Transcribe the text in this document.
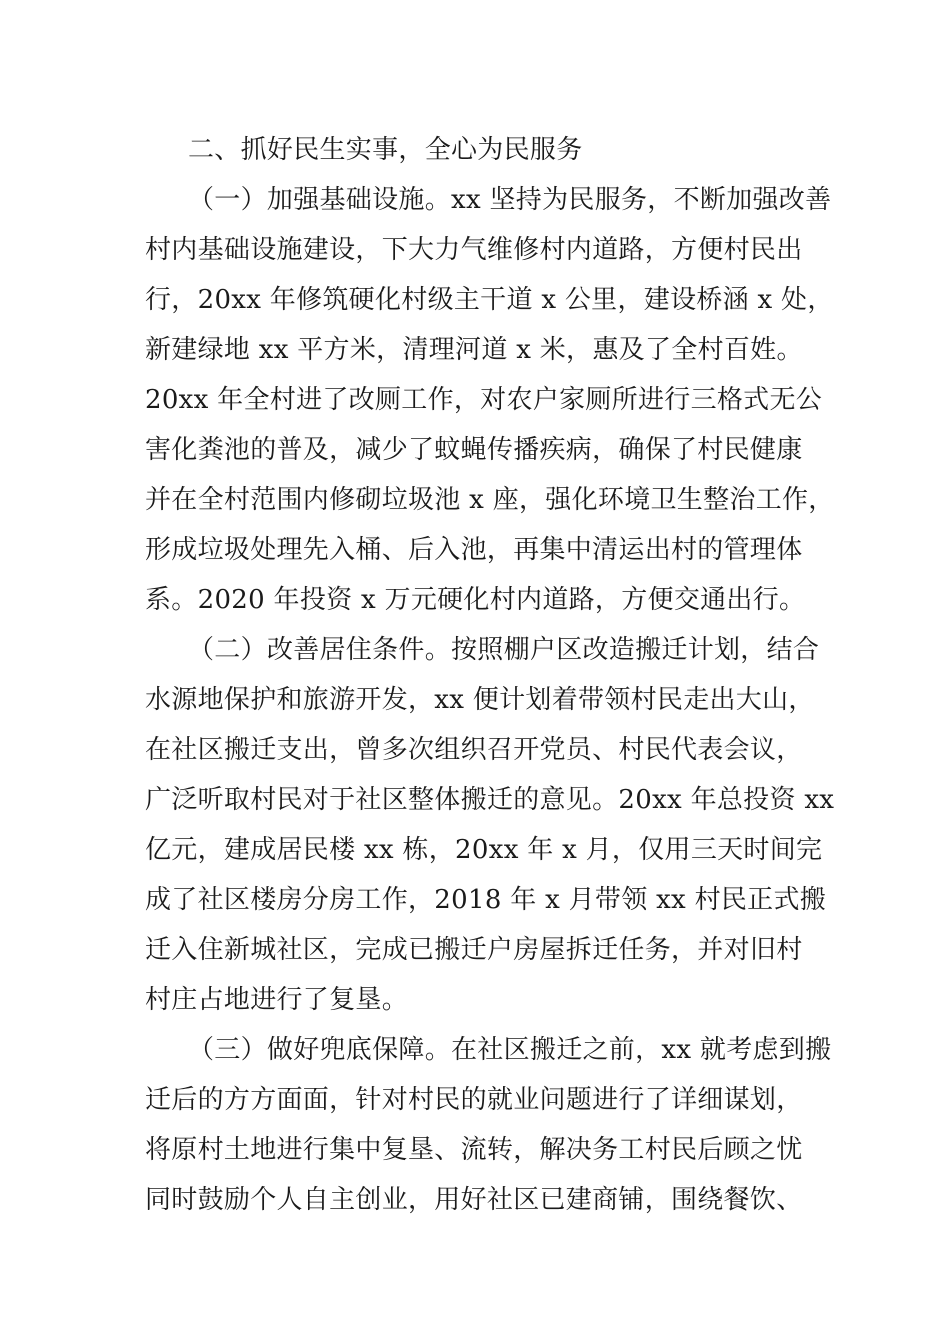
二、抓好民生实事，全心为民服务
（一）加强基础设施。xx 坚持为民服务，不断加强改善
村内基础设施建设，下大力气维修村内道路，方便村民出
行，20xx 年修筑硬化村级主干道 x 公里，建设桥涵 x 处，
新建绿地 xx 平方米，清理河道 x 米，惠及了全村百姓。
20xx 年全村进了改厕工作，对农户家厕所进行三格式无公
害化粪池的普及，减少了蚊蝇传播疾病，确保了村民健康
并在全村范围内修砌垃圾池 x 座，强化环境卫生整治工作，
形成垃圾处理先入桶、后入池，再集中清运出村的管理体
系。2020 年投资 x 万元硬化村内道路，方便交通出行。
（二）改善居住条件。按照棚户区改造搬迁计划，结合
水源地保护和旅游开发，xx 便计划着带领村民走出大山，
在社区搬迁支出，曾多次组织召开党员、村民代表会议，
广泛听取村民对于社区整体搬迁的意见。20xx 年总投资 xx
亿元，建成居民楼 xx 栋，20xx 年 x 月，仅用三天时间完
成了社区楼房分房工作，2018 年 x 月带领 xx 村民正式搬
迁入住新城社区，完成已搬迁户房屋拆迁任务，并对旧村
村庄占地进行了复垦。
（三）做好兜底保障。在社区搬迁之前，xx 就考虑到搬
迁后的方方面面，针对村民的就业问题进行了详细谋划，
将原村土地进行集中复垦、流转，解决务工村民后顾之忧
同时鼓励个人自主创业，用好社区已建商铺，围绕餐饮、
